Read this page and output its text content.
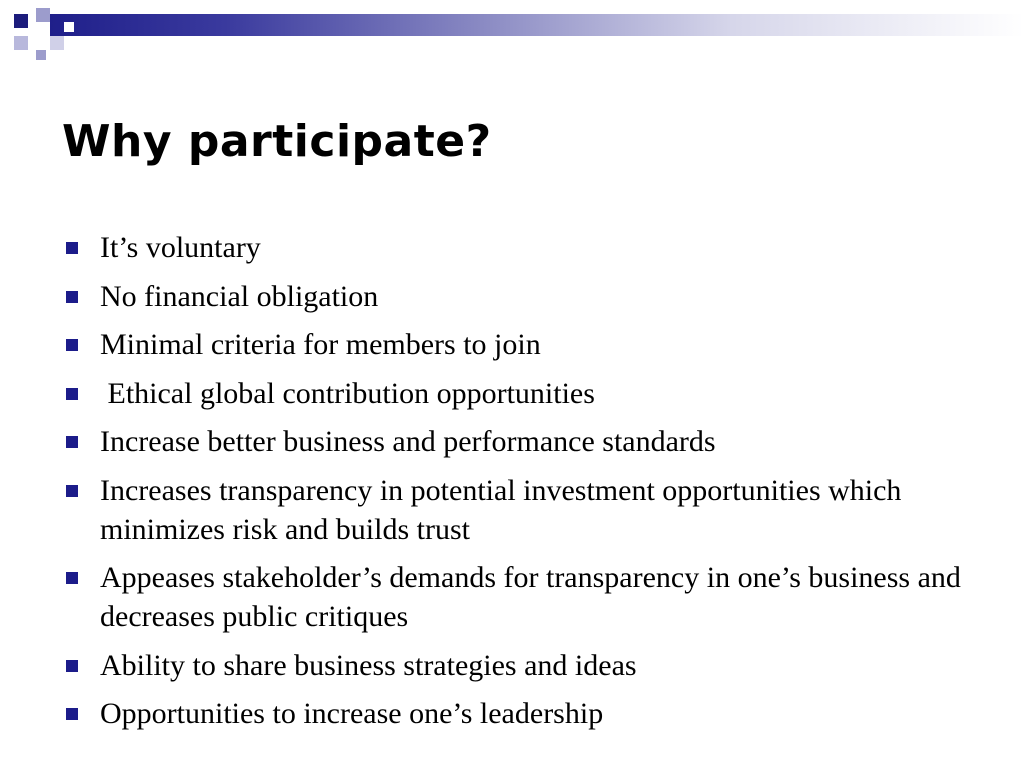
Why participate?
It’s voluntary
No financial obligation
Minimal criteria for members to join
Ethical global contribution opportunities
Increase better business and performance standards
Increases transparency in potential investment opportunities which minimizes risk and builds trust
Appeases stakeholder’s demands for transparency in one’s business and decreases public critiques
Ability to share business strategies and ideas
Opportunities to increase one’s leadership
